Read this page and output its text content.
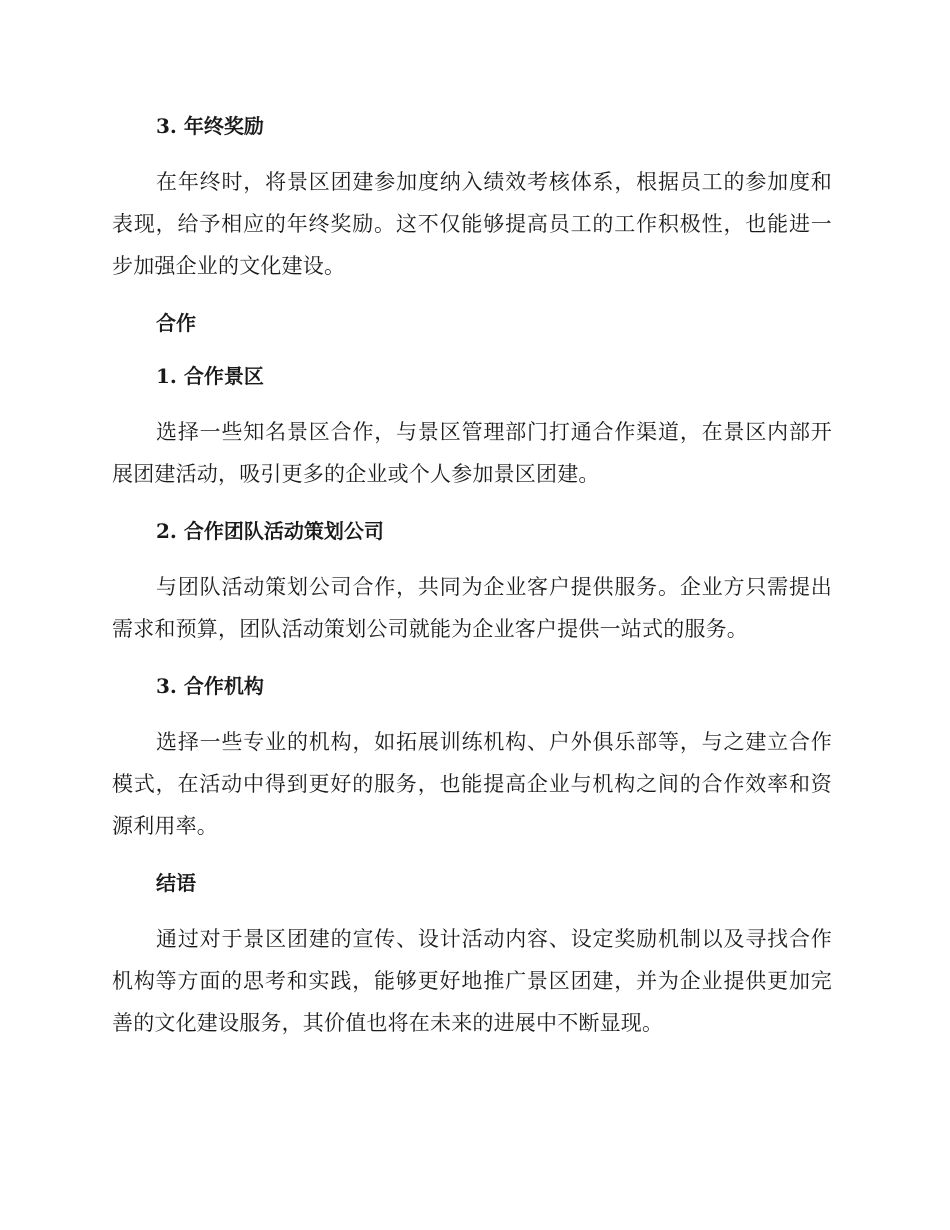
3. 年终奖励

在年终时，将景区团建参加度纳入绩效考核体系，根据员工的参加度和表现，给予相应的年终奖励。这不仅能够提高员工的工作积极性，也能进一步加强企业的文化建设。

合作
1. 合作景区

选择一些知名景区合作，与景区管理部门打通合作渠道，在景区内部开展团建活动，吸引更多的企业或个人参加景区团建。

2. 合作团队活动策划公司

与团队活动策划公司合作，共同为企业客户提供服务。企业方只需提出需求和预算，团队活动策划公司就能为企业客户提供一站式的服务。

3. 合作机构

选择一些专业的机构，如拓展训练机构、户外俱乐部等，与之建立合作模式，在活动中得到更好的服务，也能提高企业与机构之间的合作效率和资源利用率。

结语

通过对于景区团建的宣传、设计活动内容、设定奖励机制以及寻找合作机构等方面的思考和实践，能够更好地推广景区团建，并为企业提供更加完善的文化建设服务，其价值也将在未来的进展中不断显现。
